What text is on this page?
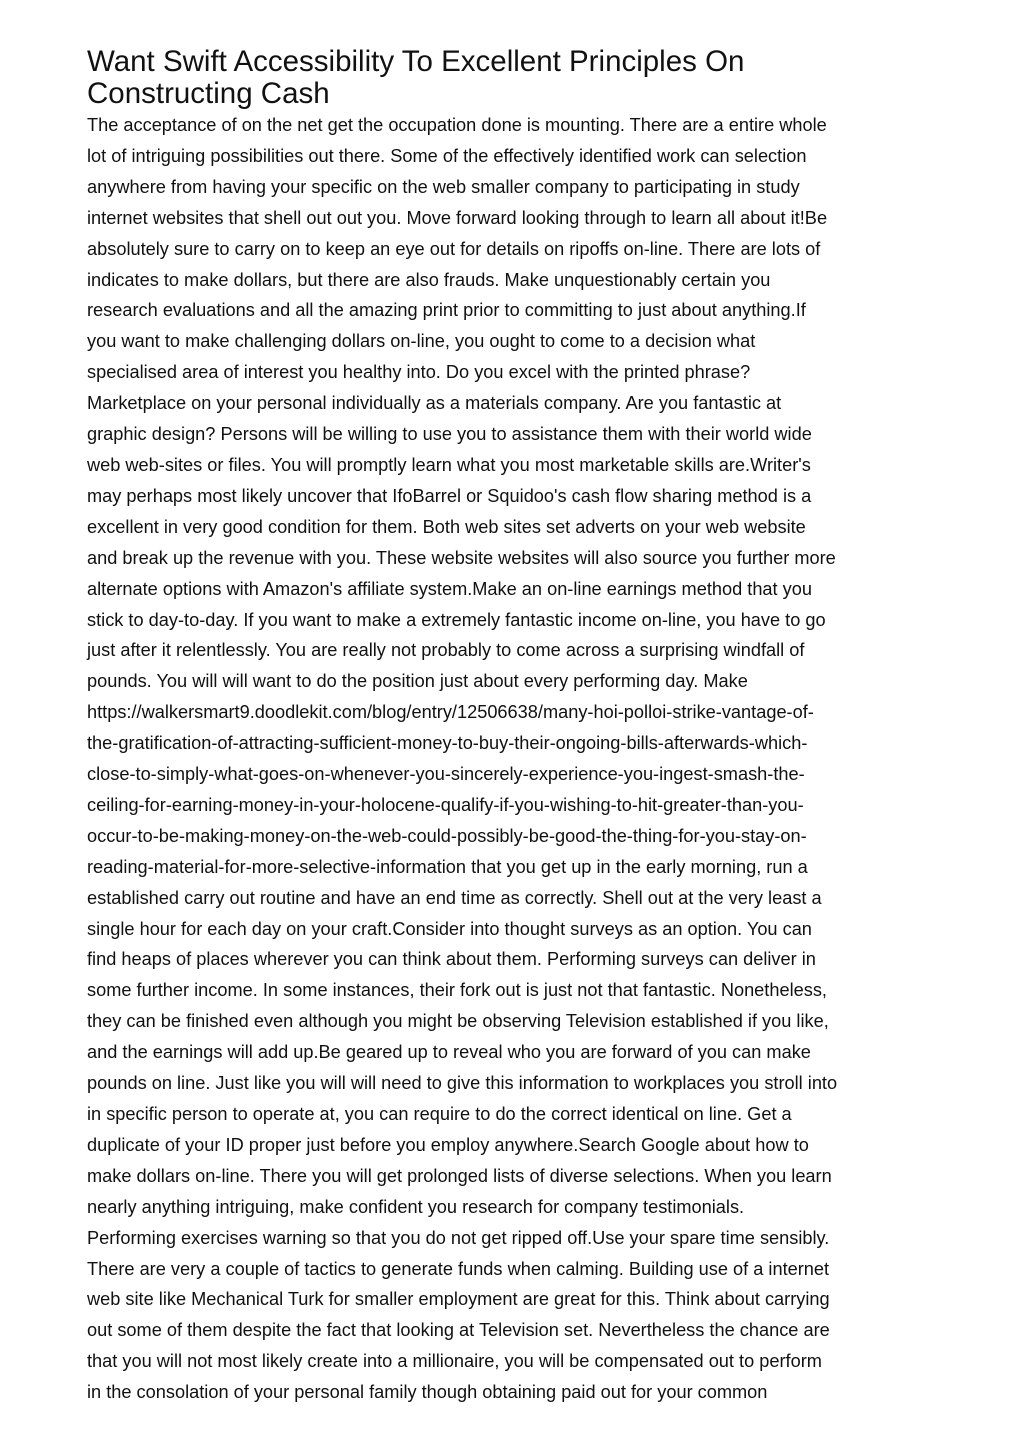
Want Swift Accessibility To Excellent Principles On
Constructing Cash

The acceptance of on the net get the occupation done is mounting. There are a entire whole
lot of intriguing possibilities out there. Some of the effectively identified work can selection
anywhere from having your specific on the web smaller company to participating in study
internet websites that shell out out you. Move forward looking through to learn all about it!Be
absolutely sure to carry on to keep an eye out for details on ripoffs on-line. There are lots of
indicates to make dollars, but there are also frauds. Make unquestionably certain you
research evaluations and all the amazing print prior to committing to just about anything.If
you want to make challenging dollars on-line, you ought to come to a decision what
specialised area of interest you healthy into. Do you excel with the printed phrase?
Marketplace on your personal individually as a materials company. Are you fantastic at
graphic design? Persons will be willing to use you to assistance them with their world wide
web web-sites or files. You will promptly learn what you most marketable skills are.Writer's
may perhaps most likely uncover that IfoBarrel or Squidoo's cash flow sharing method is a
excellent in very good condition for them. Both web sites set adverts on your web website
and break up the revenue with you. These website websites will also source you further more
alternate options with Amazon's affiliate system.Make an on-line earnings method that you
stick to day-to-day. If you want to make a extremely fantastic income on-line, you have to go
just after it relentlessly. You are really not probably to come across a surprising windfall of
pounds. You will will want to do the position just about every performing day. Make
https://walkersmart9.doodlekit.com/blog/entry/12506638/many-hoi-polloi-strike-vantage-of-
the-gratification-of-attracting-sufficient-money-to-buy-their-ongoing-bills-afterwards-which-
close-to-simply-what-goes-on-whenever-you-sincerely-experience-you-ingest-smash-the-
ceiling-for-earning-money-in-your-holocene-qualify-if-you-wishing-to-hit-greater-than-you-
occur-to-be-making-money-on-the-web-could-possibly-be-good-the-thing-for-you-stay-on-
reading-material-for-more-selective-information that you get up in the early morning, run a
established carry out routine and have an end time as correctly. Shell out at the very least a
single hour for each day on your craft.Consider into thought surveys as an option. You can
find heaps of places wherever you can think about them. Performing surveys can deliver in
some further income. In some instances, their fork out is just not that fantastic. Nonetheless,
they can be finished even although you might be observing Television established if you like,
and the earnings will add up.Be geared up to reveal who you are forward of you can make
pounds on line. Just like you will will need to give this information to workplaces you stroll into
in specific person to operate at, you can require to do the correct identical on line. Get a
duplicate of your ID proper just before you employ anywhere.Search Google about how to
make dollars on-line. There you will get prolonged lists of diverse selections. When you learn
nearly anything intriguing, make confident you research for company testimonials.
Performing exercises warning so that you do not get ripped off.Use your spare time sensibly.
There are very a couple of tactics to generate funds when calming. Building use of a internet
web site like Mechanical Turk for smaller employment are great for this. Think about carrying
out some of them despite the fact that looking at Television set. Nevertheless the chance are
that you will not most likely create into a millionaire, you will be compensated out to perform
in the consolation of your personal family though obtaining paid out for your common
